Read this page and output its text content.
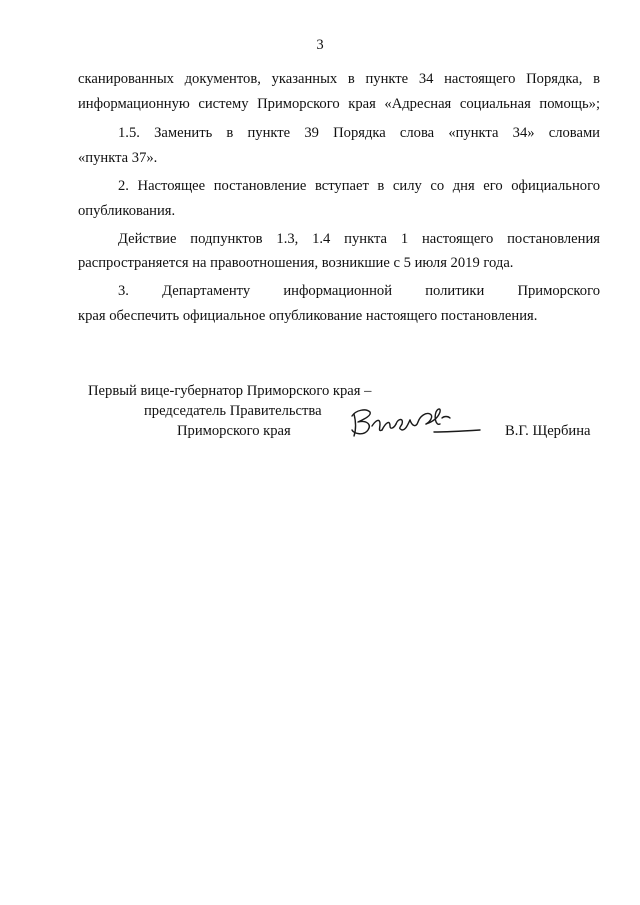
3
сканированных документов, указанных в пункте 34 настоящего Порядка, в
информационную систему Приморского края «Адресная социальная помощь»;
1.5. Заменить в пункте 39 Порядка слова «пункта 34» словами
«пункта 37».
2. Настоящее постановление вступает в силу со дня его официального
опубликования.
Действие подпунктов 1.3, 1.4 пункта 1 настоящего постановления
распространяется на правоотношения, возникшие с 5 июля 2019 года.
3. Департаменту информационной политики Приморского
края обеспечить официальное опубликование настоящего постановления.
Первый вице-губернатор Приморского края –
председатель Правительства
Приморского края	В.Г. Щербина
